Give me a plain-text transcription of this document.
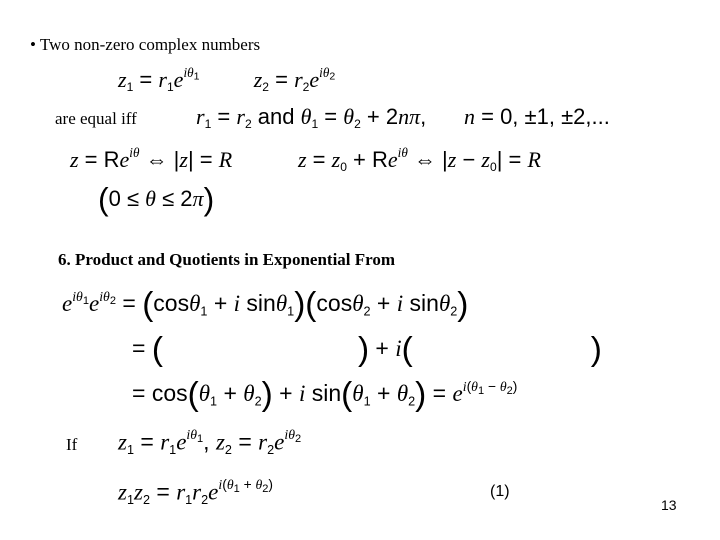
• Two non-zero complex numbers
$z_1 = r_1e^{i\theta_1}$ $z_2 = r_2e^{i\theta_2}$
are equal iff	$r_1 = r_2$ and $\theta_1 = \theta_2 + 2n\pi$, n = 0, ±1, ±2,...
$z = Re^{i\theta}$ ⇔ |z| = R	$z = z_0 + Re^{i\theta}$ ⇔ $|z - z_0| = R$
(0 ≤ θ ≤ 2π)
6. Product and Quotients in Exponential From
$e^{i\theta_1}e^{i\theta_2} = (\cos\theta_1 + i$ sinθ$_1$)(cosθ$_2$ + i sinθ$_2$)
= (	) + i(	)
= $\cos(\theta_1 + \theta_2) + i$ $\sin(\theta_1 + \theta_2) = e^{i(\theta_1 - \theta_2)}$
If $z_1 = r_1e^{i\theta_1}$, $z_2 = r_2e^{i\theta_2}$
$z_1z_2 = r_1r_2e^{i(\theta_1 + \theta_2)}$	(1)
13
